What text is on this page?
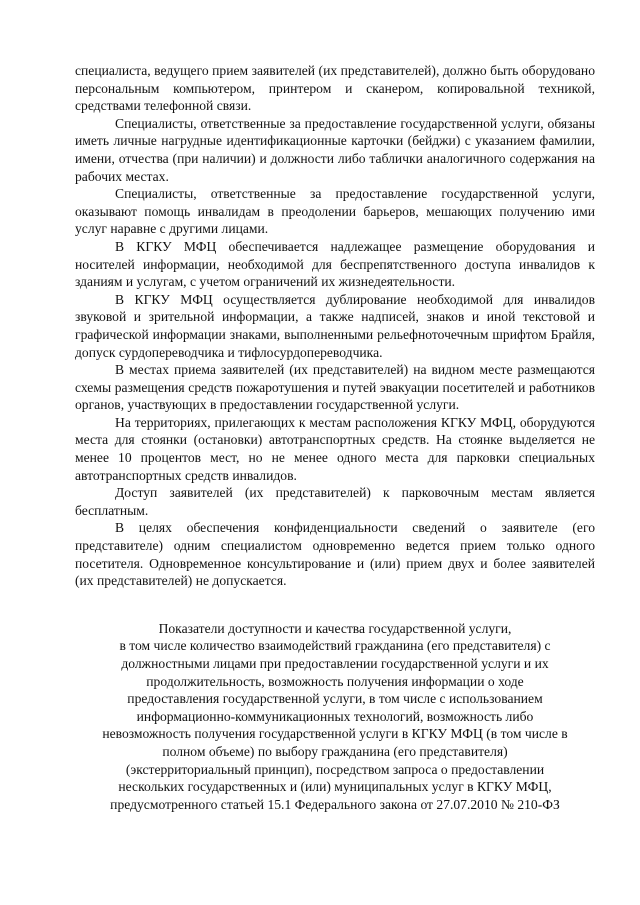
специалиста, ведущего прием заявителей (их представителей), должно быть оборудовано персональным компьютером, принтером и сканером, копировальной техникой, средствами телефонной связи.

Специалисты, ответственные за предоставление государственной услуги, обязаны иметь личные нагрудные идентификационные карточки (бейджи) с указанием фамилии, имени, отчества (при наличии) и должности либо таблички аналогичного содержания на рабочих местах.

Специалисты, ответственные за предоставление государственной услуги, оказывают помощь инвалидам в преодолении барьеров, мешающих получению ими услуг наравне с другими лицами.

В КГКУ МФЦ обеспечивается надлежащее размещение оборудования и носителей информации, необходимой для беспрепятственного доступа инвалидов к зданиям и услугам, с учетом ограничений их жизнедеятельности.

В КГКУ МФЦ осуществляется дублирование необходимой для инвалидов звуковой и зрительной информации, а также надписей, знаков и иной текстовой и графической информации знаками, выполненными рельефноточечным шрифтом Брайля, допуск сурдопереводчика и тифлосурдопереводчика.

В местах приема заявителей (их представителей) на видном месте размещаются схемы размещения средств пожаротушения и путей эвакуации посетителей и работников органов, участвующих в предоставлении государственной услуги.

На территориях, прилегающих к местам расположения КГКУ МФЦ, оборудуются места для стоянки (остановки) автотранспортных средств. На стоянке выделяется не менее 10 процентов мест, но не менее одного места для парковки специальных автотранспортных средств инвалидов.

Доступ заявителей (их представителей) к парковочным местам является бесплатным.

В целях обеспечения конфиденциальности сведений о заявителе (его представителе) одним специалистом одновременно ведется прием только одного посетителя. Одновременное консультирование и (или) прием двух и более заявителей (их представителей) не допускается.

Показатели доступности и качества государственной услуги,
в том числе количество взаимодействий гражданина (его представителя) с
должностными лицами при предоставлении государственной услуги и их
продолжительность, возможность получения информации о ходе
предоставления государственной услуги, в том числе с использованием
информационно-коммуникационных технологий, возможность либо
невозможность получения государственной услуги в КГКУ МФЦ (в том числе в
полном объеме) по выбору гражданина (его представителя)
(экстерриториальный принцип), посредством запроса о предоставлении
нескольких государственных и (или) муниципальных услуг в КГКУ МФЦ,
предусмотренного статьей 15.1 Федерального закона от 27.07.2010 № 210-ФЗ
